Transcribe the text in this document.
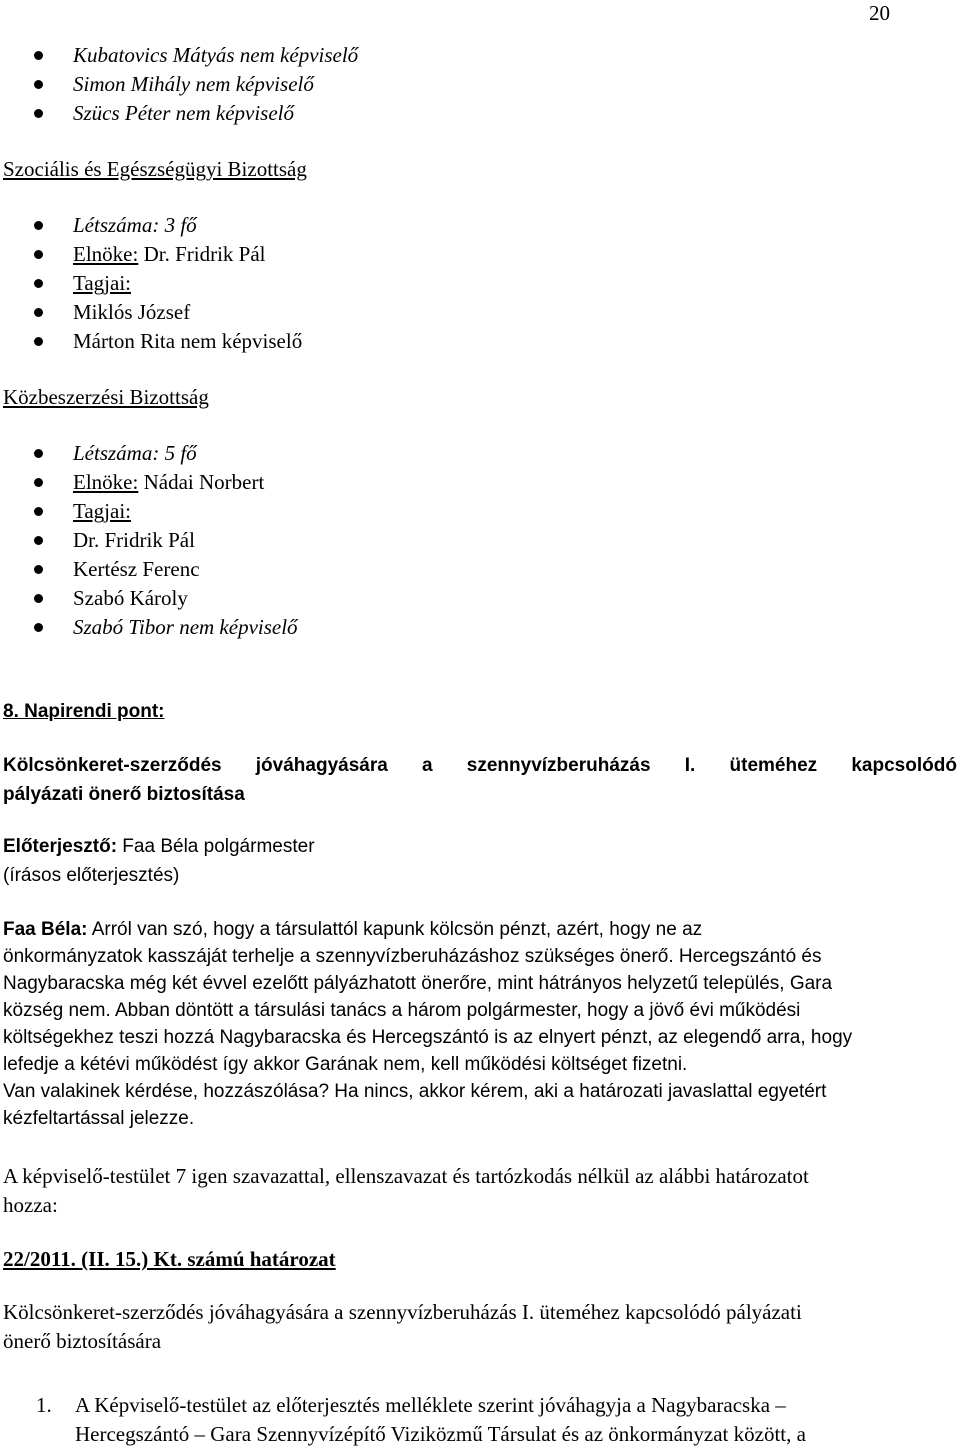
20
Kubatovics Mátyás nem képviselő
Simon Mihály nem képviselő
Szücs Péter nem képviselő
Szociális és Egészségügyi Bizottság
Létszáma: 3 fő
Elnöke: Dr. Fridrik Pál
Tagjai:
Miklós József
Márton Rita nem képviselő
Közbeszerzési Bizottság
Létszáma: 5 fő
Elnöke: Nádai Norbert
Tagjai:
Dr. Fridrik Pál
Kertész Ferenc
Szabó Károly
Szabó Tibor nem képviselő
8. Napirendi pont:
Kölcsönkeret-szerződés jóváhagyására a szennyvízberuházás I. üteméhez kapcsolódó
pályázati önerő biztosítása
Előterjesztő: Faa Béla polgármester
(írásos előterjesztés)
Faa Béla: Arról van szó, hogy a társulattól kapunk kölcsön pénzt, azért, hogy ne az
önkormányzatok kasszáját terhelje a szennyvízberuházáshoz szükséges önerő. Hercegszántó és
Nagybaracska még két évvel ezelőtt pályázhatott önerőre, mint hátrányos helyzetű település, Gara
község nem. Abban döntött a társulási tanács a három polgármester, hogy a jövő évi működési
költségekhez teszi hozzá Nagybaracska és Hercegszántó is az elnyert pénzt, az elegendő arra, hogy
lefedje a kétévi működést így akkor Garának nem, kell működési költséget fizetni.
Van valakinek kérdése, hozzászólása? Ha nincs, akkor kérem, aki a határozati javaslattal egyetért
kézfeltartással jelezze.
A képviselő-testület 7 igen szavazattal, ellenszavazat és tartózkodás nélkül az alábbi határozatot
hozza:
22/2011. (II. 15.) Kt. számú határozat
Kölcsönkeret-szerződés jóváhagyására a szennyvízberuházás I. üteméhez kapcsolódó pályázati
önerő biztosítására
1. A Képviselő-testület az előterjesztés melléklete szerint jóváhagyja a Nagybaracska –
Hercegszántó – Gara Szennyvízépítő Viziközmű Társulat és az önkormányzat között, a
